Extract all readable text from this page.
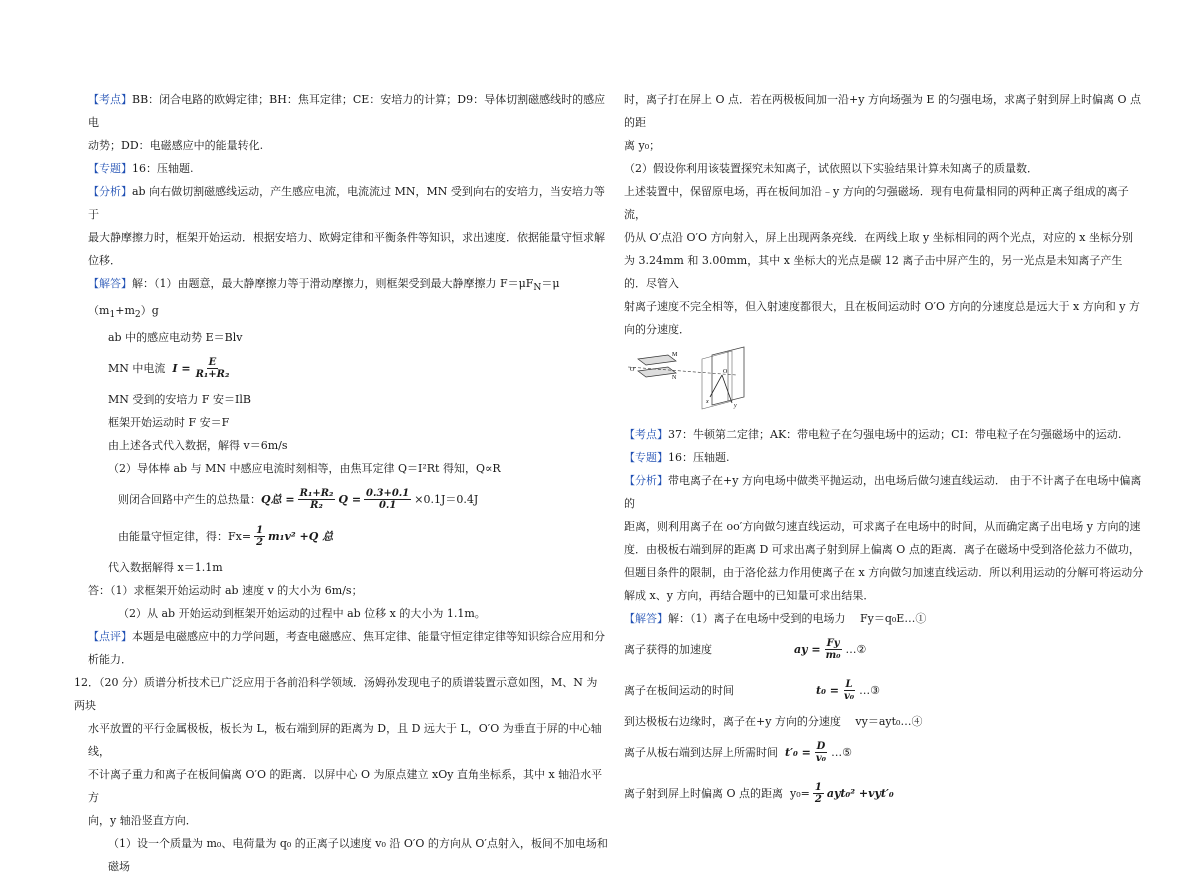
【考点】BB：闭合电路的欧姆定律；BH：焦耳定律；CE：安培力的计算；D9：导体切割磁感线时的感应电

动势；DD：电磁感应中的能量转化.

【专题】16：压轴题.

【分析】ab 向右做切割磁感线运动，产生感应电流，电流流过 MN，MN 受到向右的安培力，当安培力等于

最大静摩擦力时，框架开始运动．根据安培力、欧姆定律和平衡条件等知识，求出速度．依据能量守恒求解

位移．

【解答】解：（1）由题意，最大静摩擦力等于滑动摩擦力，则框架受到最大静摩擦力 $F=\mu F_N=\mu(m_1+m_2)g$

ab 中的感应电动势 E＝Blv

MN 中电流
$I = \frac{E}{\text{R₁+R₂}}$

MN 受到的安培力 F 安＝IlB

框架开始运动时 F 安＝F

由上述各式代入数据，解得 v＝6m/s

（2）导体棒 ab 与 MN 中感应电流时刻相等，由焦耳定律 Q＝I²Rt 得知，Q∝R

则闭合回路中产生的总热量： Q总 = $\frac{\text{R₁+R₂}}{\text{R₂}}$ $Q = \frac{0.3+0.1}{0.1} \times 0.1J=0.4J$
由能量守恒定律，得：$Fx= \frac{1}{2} m_1v^2 +Q$ 总

代入数据解得 x＝1.1m

答：（1）求框架开始运动时 ab 速度 v 的大小为 6m/s；

（2）从 ab 开始运动到框架开始运动的过程中 ab 位移 x 的大小为 1.1m。

【点评】本题是电磁感应中的力学问题，考查电磁感应、焦耳定律、能量守恒定律定律等知识综合应用和分

析能力．

12．（20 分）质谱分析技术已广泛应用于各前沿科学领域．汤姆孙发现电子的质谱装置示意如图，M、N 为两块

水平放置的平行金属极板，板长为 L，板右端到屏的距离为 D，且 D 远大于 L，O′O 为垂直于屏的中心轴线，

不计离子重力和离子在板间偏离 O′O 的距离．以屏中心 O 为原点建立 xOy 直角坐标系，其中 x 轴沿水平方

向，y 轴沿竖直方向．

（1）设一个质量为 m₀、电荷量为 q₀ 的正离子以速度 v₀ 沿 O′O 的方向从 O′点射入，板间不加电场和磁场

时，离子打在屏上 O 点．若在两极板间加一沿+y 方向场强为 E 的匀强电场，求离子射到屏上时偏离 O 点的距

离 y₀；

（2）假设你利用该装置探究未知离子，试依照以下实验结果计算未知离子的质量数．

上述装置中，保留原电场，再在板间加沿﹣y 方向的匀强磁场．现有电荷量相同的两种正离子组成的离子流，

仍从 O′点沿 O′O 方向射入，屏上出现两条亮线．在两线上取 y 坐标相同的两个光点，对应的 x 坐标分别

为 3.24mm 和 3.00mm，其中 x 坐标大的光点是碳 12 离子击中屏产生的，另一光点是未知离子产生的．尽管入

射离子速度不完全相等，但入射速度都很大，且在板间运动时 O′O 方向的分速度总是远大于 x 方向和 y 方

向的分速度．

M
O′
N
O
x
y

【考点】37：牛顿第二定律；AK：带电粒子在匀强电场中的运动；CI：带电粒子在匀强磁场中的运动.

【专题】16：压轴题.

【分析】带电离子在+y 方向电场中做类平抛运动，出电场后做匀速直线运动． 由于不计离子在电场中偏离的

距离，则利用离子在 oo′方向做匀速直线运动，可求离子在电场中的时间，从而确定离子出电场 y 方向的速

度．由极板右端到屏的距离 D 可求出离子射到屏上偏离 O 点的距离．离子在磁场中受到洛伦兹力不做功，

但题目条件的限制，由于洛伦兹力作用使离子在 x 方向做匀加速直线运动．所以利用运动的分解可将运动分

解成 x、y 方向，再结合题中的已知量可求出结果．

【解答】解：（1）离子在电场中受到的电场力　 Fy＝q₀E…①

离子获得的加速度	ay = $\frac{Fy}{\text{m₀}}$ …②
离子在板间运动的时间	$t_0 = \frac{L}{\text{v₀}}$ …③

到达极板右边缘时，离子在+y 方向的分速度　 vy＝ayt₀…④

离子从板右端到达屏上所需时间
$t'_0 = \frac{D}{\text{v₀}}$ …⑤
离子射到屏上时偏离 O 点的距离
$y_0= \frac{1}{2} ayt_0^2 +vyt'_0$
